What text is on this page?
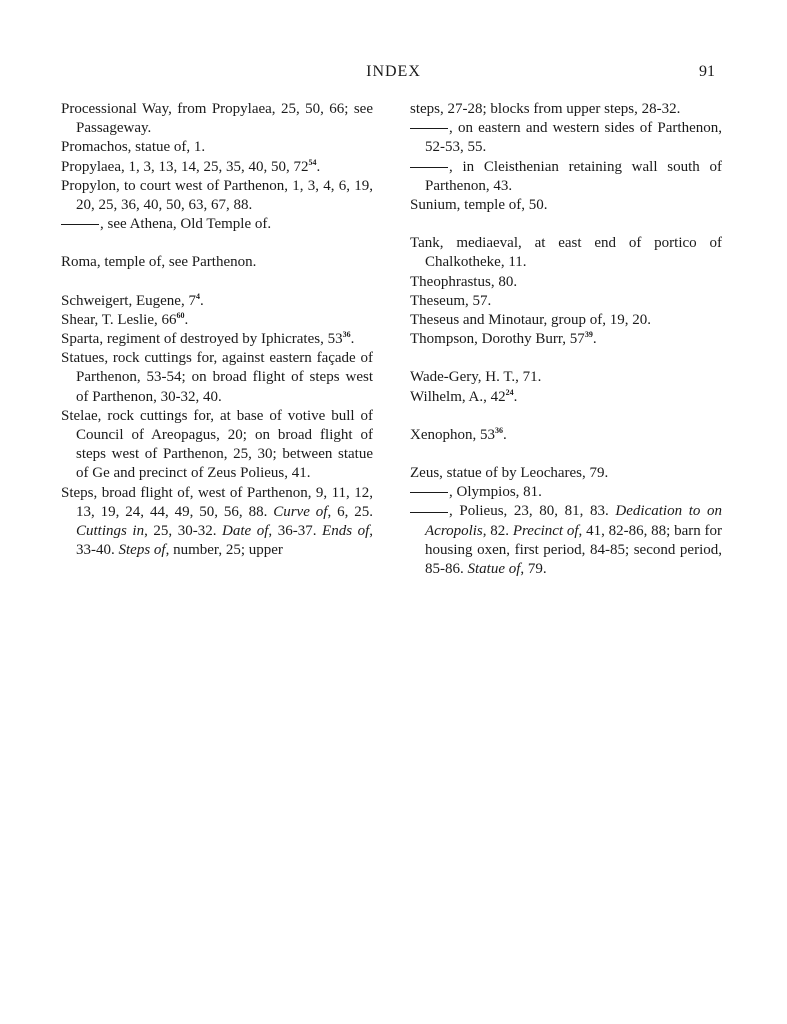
INDEX	91

Processional Way, from Propylaea, 25, 50, 66; see Passageway.

Promachos, statue of, 1.

Propylaea, 1, 3, 13, 14, 25, 35, 40, 50, $72^{54}$.

Propylon, to court west of Parthenon, 1, 3, 4, 6, 19, 20, 25, 36, 40, 50, 63, 67, 88.

, see Athena, Old Temple of.

Roma, temple of, see Parthenon.

Schweigert, Eugene, $7^4$.

Shear, T. Leslie, $66^{60}$.

Sparta, regiment of destroyed by Iphicrates, $53^{36}$.

Statues, rock cuttings for, against eastern façade of Parthenon, 53-54; on broad flight of steps west of Parthenon, 30-32, 40.

Stelae, rock cuttings for, at base of votive bull of Council of Areopagus, 20; on broad flight of steps west of Parthenon, 25, 30; between statue of Ge and precinct of Zeus Polieus, 41.

Steps, broad flight of, west of Parthenon, 9, 11, 12, 13, 19, 24, 44, 49, 50, 56, 88. Curve of, 6, 25. Cuttings in, 25, 30-32. Date of, 36-37. Ends of, 33-40. Steps of, number, 25; upper

steps, 27-28; blocks from upper steps, 28-32.

, on eastern and western sides of Parthenon, 52-53, 55.

, in Cleisthenian retaining wall south of Parthenon, 43.

Sunium, temple of, 50.

Tank, mediaeval, at east end of portico of Chalkotheke, 11.

Theophrastus, 80.

Theseum, 57.

Theseus and Minotaur, group of, 19, 20.

Thompson, Dorothy Burr, $57^{39}$.

Wade-Gery, H. T., 71.

Wilhelm, A., $42^{24}$.

Xenophon, $53^{36}$.

Zeus, statue of by Leochares, 79.

, Olympios, 81.

, Polieus, 23, 80, 81, 83. Dedication to on Acropolis, 82. Precinct of, 41, 82-86, 88; barn for housing oxen, first period, 84-85; second period, 85-86. Statue of, 79.
